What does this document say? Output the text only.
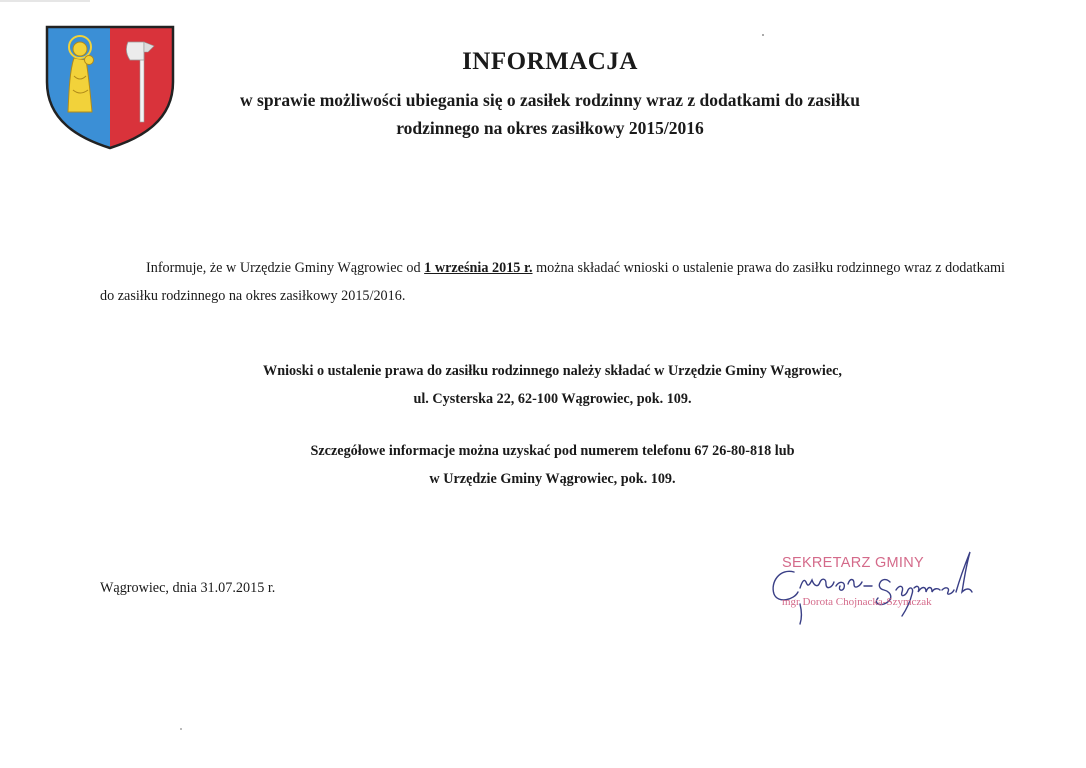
INFORMACJA
w sprawie możliwości ubiegania się o zasiłek rodzinny wraz z dodatkami do zasiłku
rodzinnego na okres zasiłkowy 2015/2016
Informuje, że w Urzędzie Gminy Wągrowiec od 1 września 2015 r. można składać wnioski o ustalenie prawa do zasiłku rodzinnego wraz z dodatkami do zasiłku rodzinnego na okres zasiłkowy 2015/2016.
Wnioski o ustalenie prawa do zasiłku rodzinnego należy składać w Urzędzie Gminy Wągrowiec,
ul. Cysterska 22, 62-100 Wągrowiec, pok. 109.
Szczegółowe informacje można uzyskać pod numerem telefonu 67 26-80-818 lub
w Urzędzie Gminy Wągrowiec, pok. 109.
Wągrowiec, dnia 31.07.2015 r.
SEKRETARZ GMINY
mgr Dorota Chojnacka-Szymczak
